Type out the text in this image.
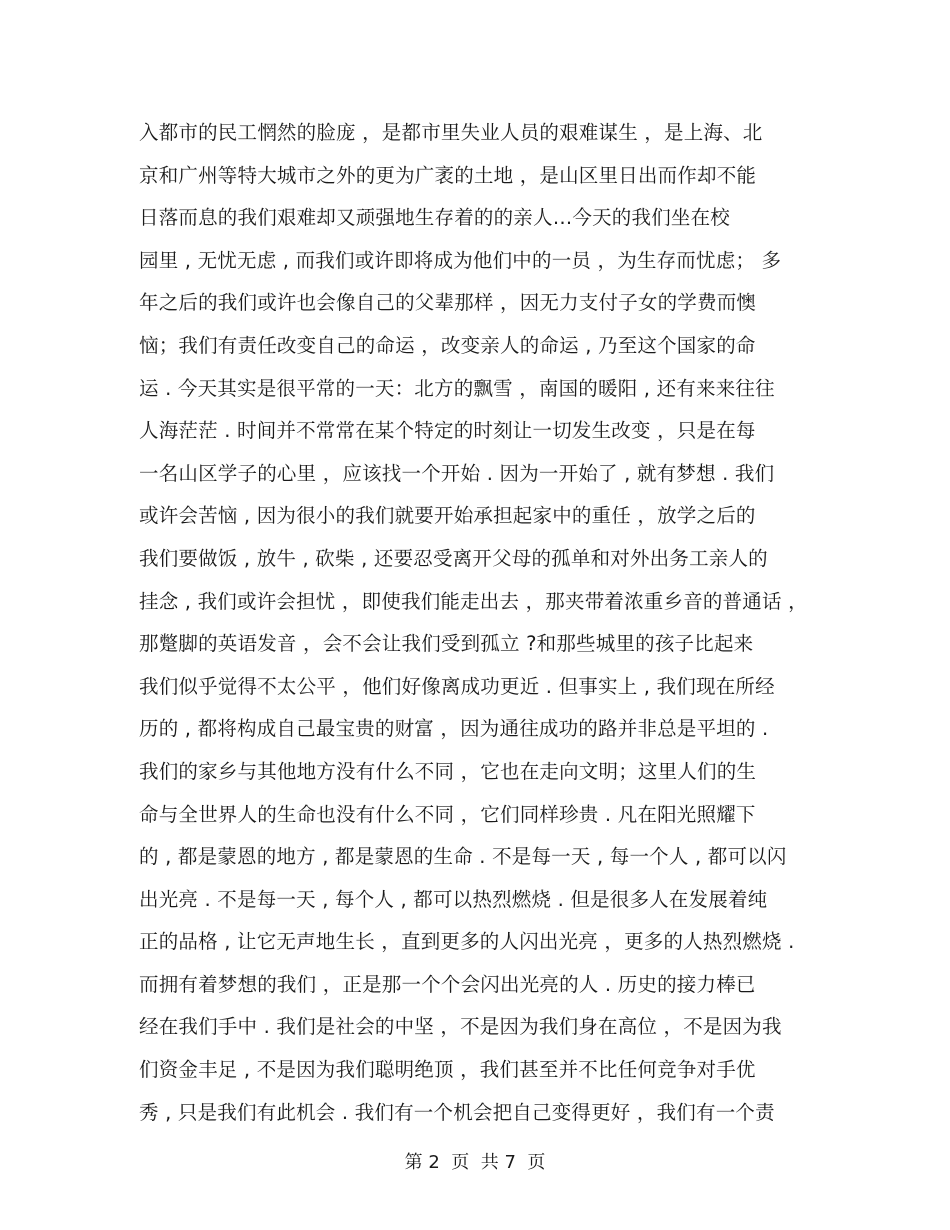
入都市的民工惘然的脸庞 ，是都市里失业人员的艰难谋生 ，是上海、北
京和广州等特大城市之外的更为广袤的土地 ，是山区里日出而作却不能
日落而息的我们艰难却又顽强地生存着的的亲人…今天的我们坐在校
园里 , 无忧无虑 , 而我们或许即将成为他们中的一员 ，为生存而忧虑； 多
年之后的我们或许也会像自己的父辈那样 ，因无力支付子女的学费而懊
恼；我们有责任改变自己的命运 ，改变亲人的命运 , 乃至这个国家的命
运 . 今天其实是很平常的一天：北方的飘雪 ，南国的暖阳 , 还有来来往往
人海茫茫 . 时间并不常常在某个特定的时刻让一切发生改变 ，只是在每
一名山区学子的心里 ，应该找一个开始 . 因为一开始了 , 就有梦想 . 我们
或许会苦恼 , 因为很小的我们就要开始承担起家中的重任 ，放学之后的
我们要做饭 , 放牛 , 砍柴 , 还要忍受离开父母的孤单和对外出务工亲人的
挂念 , 我们或许会担忧 ，即使我们能走出去 ，那夹带着浓重乡音的普通话 ，
那蹩脚的英语发音 ，会不会让我们受到孤立 ?和那些城里的孩子比起来
我们似乎觉得不太公平 ，他们好像离成功更近 . 但事实上 , 我们现在所经
历的 , 都将构成自己最宝贵的财富 ，因为通往成功的路并非总是平坦的 .
我们的家乡与其他地方没有什么不同 ，它也在走向文明；这里人们的生
命与全世界人的生命也没有什么不同 ，它们同样珍贵 . 凡在阳光照耀下
的 , 都是蒙恩的地方 , 都是蒙恩的生命 . 不是每一天 , 每一个人 , 都可以闪
出光亮 . 不是每一天 , 每个人 , 都可以热烈燃烧 . 但是很多人在发展着纯
正的品格 , 让它无声地生长 ，直到更多的人闪出光亮 ，更多的人热烈燃烧 .
而拥有着梦想的我们 ，正是那一个个会闪出光亮的人 . 历史的接力棒已
经在我们手中 . 我们是社会的中坚 ，不是因为我们身在高位 ，不是因为我
们资金丰足 , 不是因为我们聪明绝顶 ，我们甚至并不比任何竞争对手优
秀 , 只是我们有此机会 . 我们有一个机会把自己变得更好 ，我们有一个责
第 2  页  共 7  页
